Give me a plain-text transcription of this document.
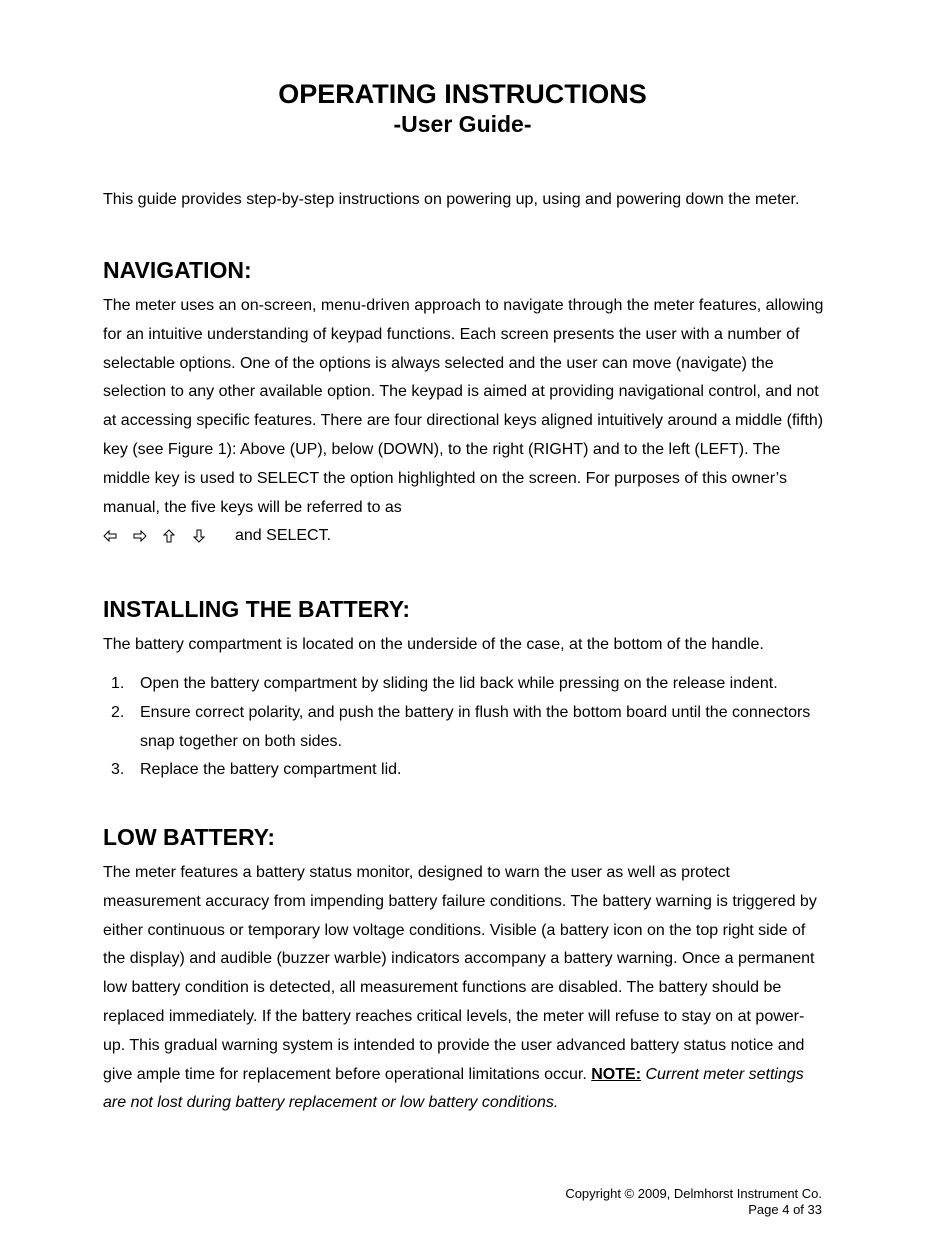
OPERATING INSTRUCTIONS
-User Guide-

This guide provides step-by-step instructions on powering up, using and powering down the meter.

NAVIGATION:

The meter uses an on-screen, menu-driven approach to navigate through the meter features, allowing for an intuitive understanding of keypad functions. Each screen presents the user with a number of selectable options. One of the options is always selected and the user can move (navigate) the selection to any other available option. The keypad is aimed at providing navigational control, and not at accessing specific features. There are four directional keys aligned intuitively around a middle (fifth) key (see Figure 1): Above (UP), below (DOWN), to the right (RIGHT) and to the left (LEFT). The middle key is used to SELECT the option highlighted on the screen. For purposes of this owner’s manual, the five keys will be referred to as

and SELECT.
INSTALLING THE BATTERY:

The battery compartment is located on the underside of the case, at the bottom of the handle.

1. Open the battery compartment by sliding the lid back while pressing on the release indent.
2. Ensure correct polarity, and push the battery in flush with the bottom board until the connectors snap together on both sides.
3. Replace the battery compartment lid.
LOW BATTERY:

The meter features a battery status monitor, designed to warn the user as well as protect measurement accuracy from impending battery failure conditions. The battery warning is triggered by either continuous or temporary low voltage conditions. Visible (a battery icon on the top right side of the display) and audible (buzzer warble) indicators accompany a battery warning. Once a permanent low battery condition is detected, all measurement functions are disabled. The battery should be replaced immediately. If the battery reaches critical levels, the meter will refuse to stay on at power-up. This gradual warning system is intended to provide the user advanced battery status notice and give ample time for replacement before operational limitations occur. NOTE: Current meter settings are not lost during battery replacement or low battery conditions.

Copyright © 2009, Delmhorst Instrument Co.
Page 4 of 33
